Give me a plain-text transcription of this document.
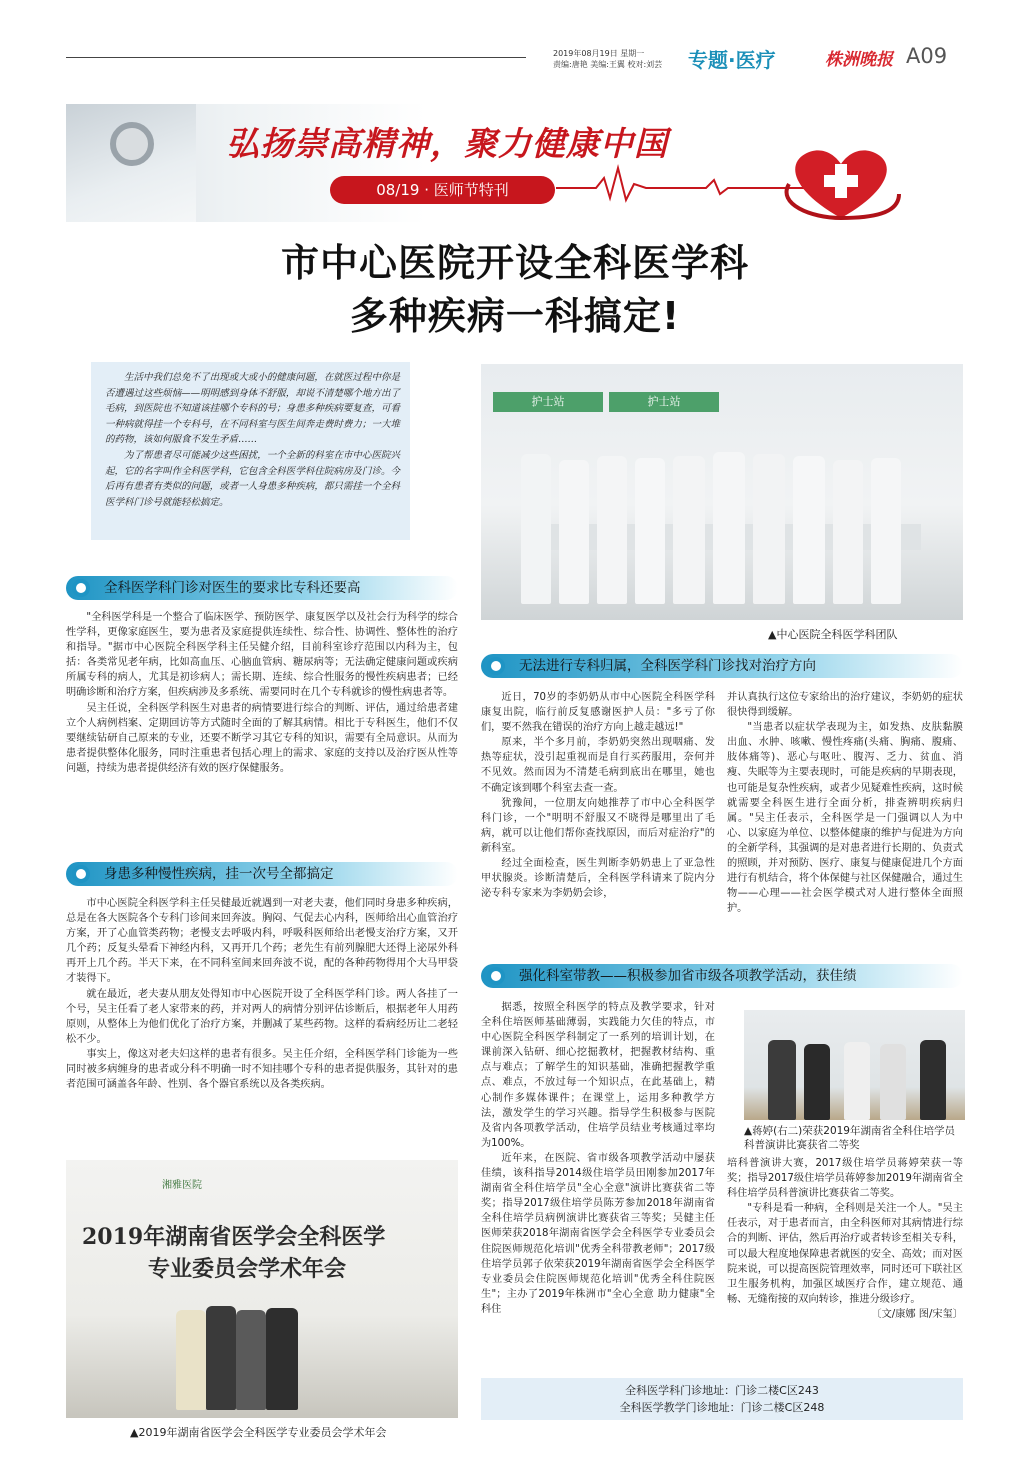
2019年08月19日 星期一
责编:唐艳 美编:王翼 校对:刘芸 专题·医疗	株洲晚报 A09
弘扬崇高精神，聚力健康中国
08/19 · 医师节特刊
市中心医院开设全科医学科
多种疾病一科搞定!

生活中我们总免不了出现或大或小的健康问题，在就医过程中你是否遭遇过这些烦恼——明明感到身体不舒服，却说不清楚哪个地方出了毛病，到医院也不知道该挂哪个专科的号；身患多种疾病要复查，可看一种病就得挂一个专科号，在不同科室与医生间奔走费时费力；一大堆的药物，该如何服食不发生矛盾……

为了帮患者尽可能减少这些困扰，一个全新的科室在市中心医院兴起，它的名字叫作全科医学科，它包含全科医学科住院病房及门诊。今后再有患者有类似的问题，或者一人身患多种疾病，都只需挂一个全科医学科门诊号就能轻松搞定。

护士站	护士站
▲中心医院全科医学科团队
全科医学科门诊对医生的要求比专科还要高

"全科医学科是一个整合了临床医学、预防医学、康复医学以及社会行为科学的综合性学科，更像家庭医生，要为患者及家庭提供连续性、综合性、协调性、整体性的治疗和指导。"据市中心医院全科医学科主任吴健介绍，目前科室诊疗范围以内科为主，包括：各类常见老年病，比如高血压、心脑血管病、糖尿病等；无法确定健康问题或疾病所属专科的病人，尤其是初诊病人；需长期、连续、综合性服务的慢性疾病患者；已经明确诊断和治疗方案，但疾病涉及多系统、需要同时在几个专科就诊的慢性病患者等。

吴主任说，全科医学科医生对患者的病情要进行综合的判断、评估，通过给患者建立个人病例档案、定期回访等方式随时全面的了解其病情。相比于专科医生，他们不仅要继续钻研自己原来的专业，还要不断学习其它专科的知识，需要有全局意识。从而为患者提供整体化服务，同时注重患者包括心理上的需求、家庭的支持以及治疗医从性等问题，持续为患者提供经济有效的医疗保健服务。

身患多种慢性疾病，挂一次号全都搞定

市中心医院全科医学科主任吴健最近就遇到一对老夫妻，他们同时身患多种疾病，总是在各大医院各个专科门诊间来回奔波。胸闷、气促去心内科，医师给出心血管治疗方案，开了心血管类药物；老慢支去呼吸内科，呼吸科医师给出老慢支治疗方案，又开几个药；反复头晕看下神经内科，又再开几个药；老先生有前列腺肥大还得上泌尿外科再开上几个药。半天下来，在不同科室间来回奔波不说，配的各种药物得用个大马甲袋才装得下。

就在最近，老夫妻从朋友处得知市中心医院开设了全科医学科门诊。两人各挂了一个号，吴主任看了老人家带来的药，并对两人的病情分别评估诊断后，根据老年人用药原则，从整体上为他们优化了治疗方案，并删减了某些药物。这样的看病经历让二老轻松不少。

事实上，像这对老夫妇这样的患者有很多。吴主任介绍，全科医学科门诊能为一些同时被多病缠身的患者或分科不明确一时不知挂哪个专科的患者提供服务，其针对的患者范围可涵盖各年龄、性别、各个器官系统以及各类疾病。

湘雅医院
2019年湖南省医学会全科医学
专业委员会学术年会
▲2019年湖南省医学会全科医学专业委员会学术年会
无法进行专科归属，全科医学科门诊找对治疗方向

近日，70岁的李奶奶从市中心医院全科医学科康复出院，临行前反复感谢医护人员："多亏了你们，要不然我在错误的治疗方向上越走越远!"

原来，半个多月前，李奶奶突然出现咽痛、发热等症状，没引起重视而是自行买药服用，奈何并不见效。然而因为不清楚毛病到底出在哪里，她也不确定该到哪个科室去查一查。

犹豫间，一位朋友向她推荐了市中心全科医学科门诊，一个"明明不舒服又不晓得是哪里出了毛病，就可以让他们帮你查找原因，而后对症治疗"的新科室。

经过全面检查，医生判断李奶奶患上了亚急性甲状腺炎。诊断清楚后，全科医学科请来了院内分泌专科专家来为李奶奶会诊，

并认真执行这位专家给出的治疗建议，李奶奶的症状很快得到缓解。

"当患者以症状学表现为主，如发热、皮肤黏膜出血、水肿、咳嗽、慢性疼痛(头痛、胸痛、腹痛、肢体痛等)、恶心与呕吐、腹泻、乏力、贫血、消瘦、失眠等为主要表现时，可能是疾病的早期表现，也可能是复杂性疾病，或者少见疑难性疾病，这时候就需要全科医生进行全面分析，排查辨明疾病归属。"吴主任表示，全科医学是一门强调以人为中心、以家庭为单位、以整体健康的维护与促进为方向的全新学科，其强调的是对患者进行长期的、负责式的照顾，并对预防、医疗、康复与健康促进几个方面进行有机结合，将个体保健与社区保健融合，通过生物——心理——社会医学模式对人进行整体全面照护。

强化科室带教——积极参加省市级各项教学活动，获佳绩

据悉，按照全科医学的特点及教学要求，针对全科住培医师基础薄弱，实践能力欠佳的特点，市中心医院全科医学科制定了一系列的培训计划，在课前深入钻研、细心挖掘教材，把握教材结构、重点与难点；了解学生的知识基础，准确把握教学重点、难点，不放过每一个知识点，在此基础上，精心制作多媒体课件；在课堂上，运用多种教学方法，激发学生的学习兴趣。指导学生积极参与医院及省内各项教学活动，住培学员结业考核通过率均为100%。

近年来，在医院、省市级各项教学活动中屡获佳绩，该科指导2014级住培学员田刚参加2017年湖南省全科住培学员"全心全意"演讲比赛获省二等奖；指导2017级住培学员陈芳参加2018年湖南省全科住培学员病例演讲比赛获省三等奖；吴健主任医师荣获2018年湖南省医学会全科医学专业委员会住院医师规范化培训"优秀全科带教老师"；2017级住培学员郭子依荣获2019年湖南省医学会全科医学专业委员会住院医师规范化培训"优秀全科住院医生"；主办了2019年株洲市"全心全意 助力健康"全科住

▲蒋婷(右二)荣获2019年湖南省全科住培学员科普演讲比赛获省二等奖

培科普演讲大赛，2017级住培学员蒋婷荣获一等奖；指导2017级住培学员蒋婷参加2019年湖南省全科住培学员科普演讲比赛获省二等奖。

"专科是看一种病，全科则是关注一个人。"吴主任表示，对于患者而言，由全科医师对其病情进行综合的判断、评估，然后再治疗或者转诊至相关专科，可以最大程度地保障患者就医的安全、高效；而对医院来说，可以提高医院管理效率，同时还可下联社区卫生服务机构，加强区域医疗合作，建立规范、通畅、无缝衔接的双向转诊，推进分级诊疗。

〔文/康娜 图/宋玺〕

全科医学科门诊地址：门诊二楼C区243
全科医学教学门诊地址：门诊二楼C区248
